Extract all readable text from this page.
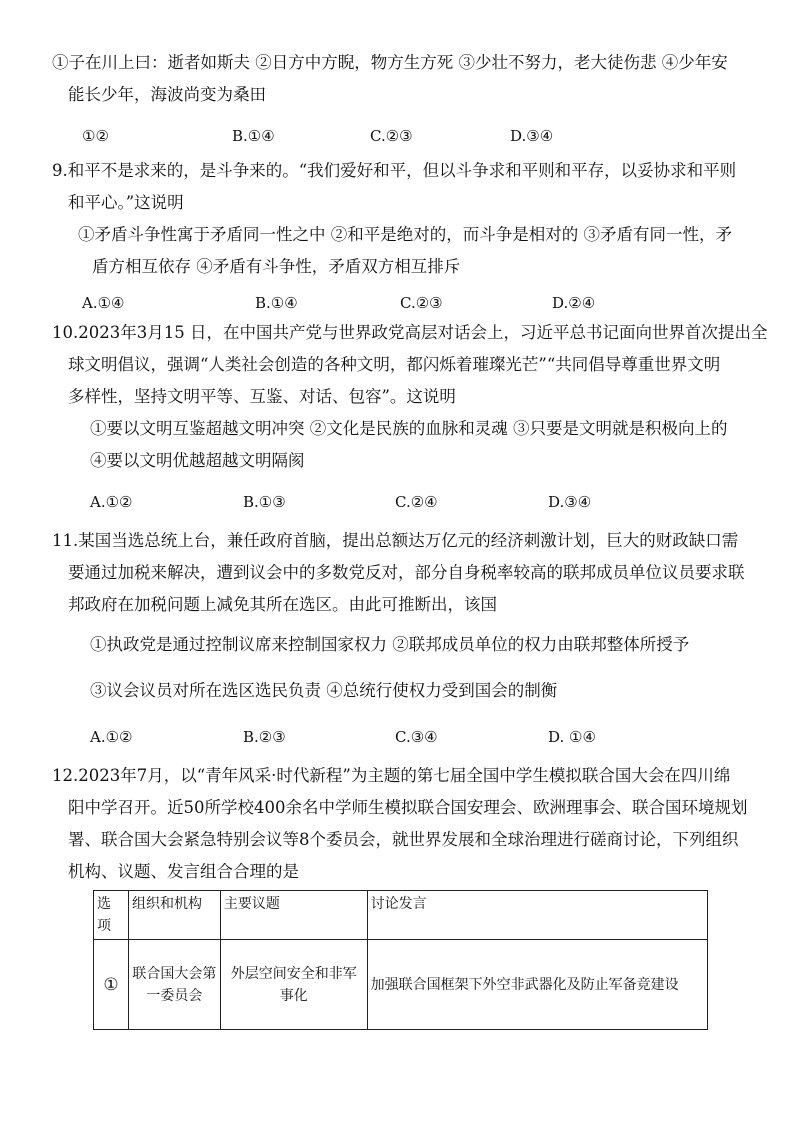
①子在川上曰：逝者如斯夫 ②日方中方睨，物方生方死 ③少壮不努力，老大徒伤悲 ④少年安
能长少年，海波尚变为桑田
①②	B.①④	C.②③	D.③④
9.和平不是求来的，是斗争来的。“我们爱好和平，但以斗争求和平则和平存，以妥协求和平则
和平心。”这说明
①矛盾斗争性寓于矛盾同一性之中 ②和平是绝对的，而斗争是相对的 ③矛盾有同一性，矛
盾方相互依存 ④矛盾有斗争性，矛盾双方相互排斥
A.①④	B.①④	C.②③	D.②④
10.2023年3月15 日，在中国共产党与世界政党高层对话会上，习近平总书记面向世界首次提出全
球文明倡议，强调“人类社会创造的各种文明，都闪烁着璀璨光芒”“共同倡导尊重世界文明
多样性，坚持文明平等、互鉴、对话、包容”。这说明
①要以文明互鉴超越文明冲突 ②文化是民族的血脉和灵魂 ③只要是文明就是积极向上的
④要以文明优越超越文明隔阂
A.①②	B.①③	C.②④	D.③④
11.某国当选总统上台，兼任政府首脑，提出总额达万亿元的经济刺激计划，巨大的财政缺口需
要通过加税来解决，遭到议会中的多数党反对，部分自身税率较高的联邦成员单位议员要求联
邦政府在加税问题上减免其所在选区。由此可推断出，该国
①执政党是通过控制议席来控制国家权力 ②联邦成员单位的权力由联邦整体所授予
③议会议员对所在选区选民负责 ④总统行使权力受到国会的制衡
A.①②	B.②③	C.③④	D. ①④
12.2023年7月，以“青年风采·时代新程”为主题的第七届全国中学生模拟联合国大会在四川绵
阳中学召开。近50所学校400余名中学师生模拟联合国安理会、欧洲理事会、联合国环境规划
署、联合国大会紧急特别会议等8个委员会，就世界发展和全球治理进行磋商讨论，下列组织
机构、议题、发言组合合理的是
选项	组织和机构	主要议题	讨论发言
①	联合国大会第一委员会	外层空间安全和非军事化	加强联合国框架下外空非武器化及防止军备竞建设
